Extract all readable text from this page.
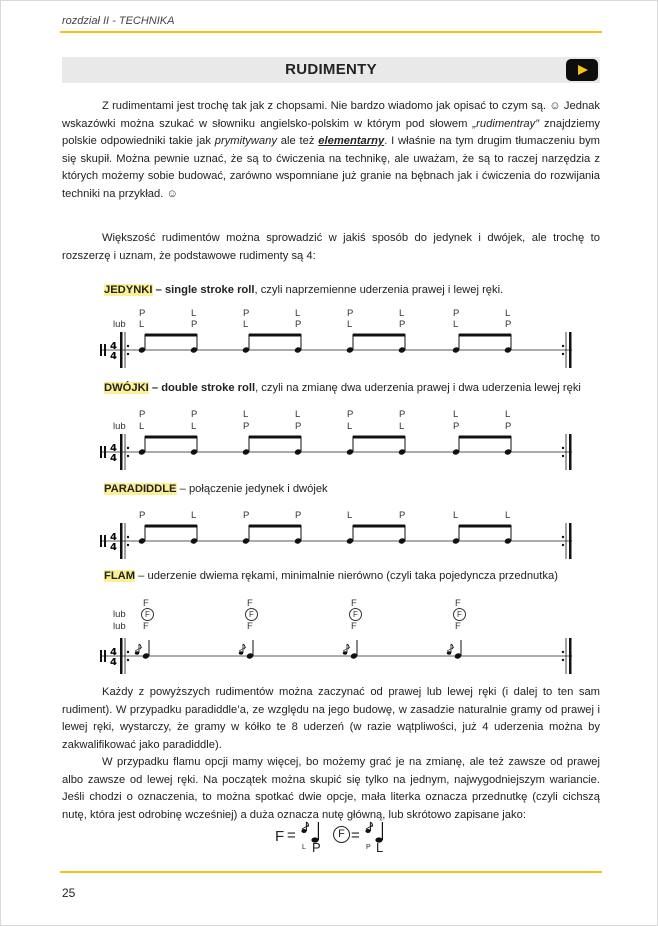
rozdział II - TECHNIKA
RUDIMENTY
Z rudimentami jest trochę tak jak z chopsami. Nie bardzo wiadomo jak opisać to czym są. ☺ Jednak wskazówki można szukać w słowniku angielsko-polskim w którym pod słowem „rudimentray” znajdziemy polskie odpowiedniki takie jak prymitywany ale też elementarny. I właśnie na tym drugim tłumaczeniu bym się skupił. Można pewnie uznać, że są to ćwiczenia na technikę, ale uważam, że są to raczej narzędzia z których możemy sobie budować, zarówno wspomniane już granie na bębnach jak i ćwiczenia do rozwijania techniki na przykład. ☺
Większość rudimentów można sprowadzić w jakiś sposób do jedynek i dwójek, ale trochę to rozszerzę i uznam, że podstawowe rudimenty są 4:
JEDYNKI – single stroke roll, czyli naprzemienne uderzenia prawej i lewej ręki.
lub
P	L	P	L	P	L	P	L
L	P	L	P	L	P	L	P
4
4
DWÓJKI – double stroke roll, czyli na zmianę dwa uderzenia prawej i dwa uderzenia lewej ręki
lub
P	P	L	L	P	P	L	L
L	L	P	P	L	L	P	P
4
4
PARADIDDLE – połączenie jedynek i dwójek
P	L	P	P	L	P	L	L
4
4
FLAM – uderzenie dwiema rękami, minimalnie nierówno (czyli taka pojedyncza przednutka)
lub
lub
F	F	F	F
F	F	F	F
F	F	F	F
4
4
Każdy z powyższych rudimentów można zaczynać od prawej lub lewej ręki (i dalej to ten sam rudiment). W przypadku paradiddle’a, ze względu na jego budowę, w zasadzie naturalnie gramy od prawej i lewej ręki, wystarczy, że gramy w kółko te 8 uderzeń (w razie wątpliwości, już 4 uderzenia można by zakwalifikować jako paradiddle).
W przypadku flamu opcji mamy więcej, bo możemy grać je na zmianę, ale też zawsze od prawej albo zawsze od lewej ręki. Na początek można skupić się tylko na jednym, najwygodniejszym wariancie. Jeśli chodzi o oznaczenia, to można spotkać dwie opcje, mała literka oznacza przednutkę (czyli cichszą nutę, która jest odrobinę wcześniej) a duża oznacza nutę główną, lub skrótowo zapisane jako:
F =
L P
F =
P L
25
